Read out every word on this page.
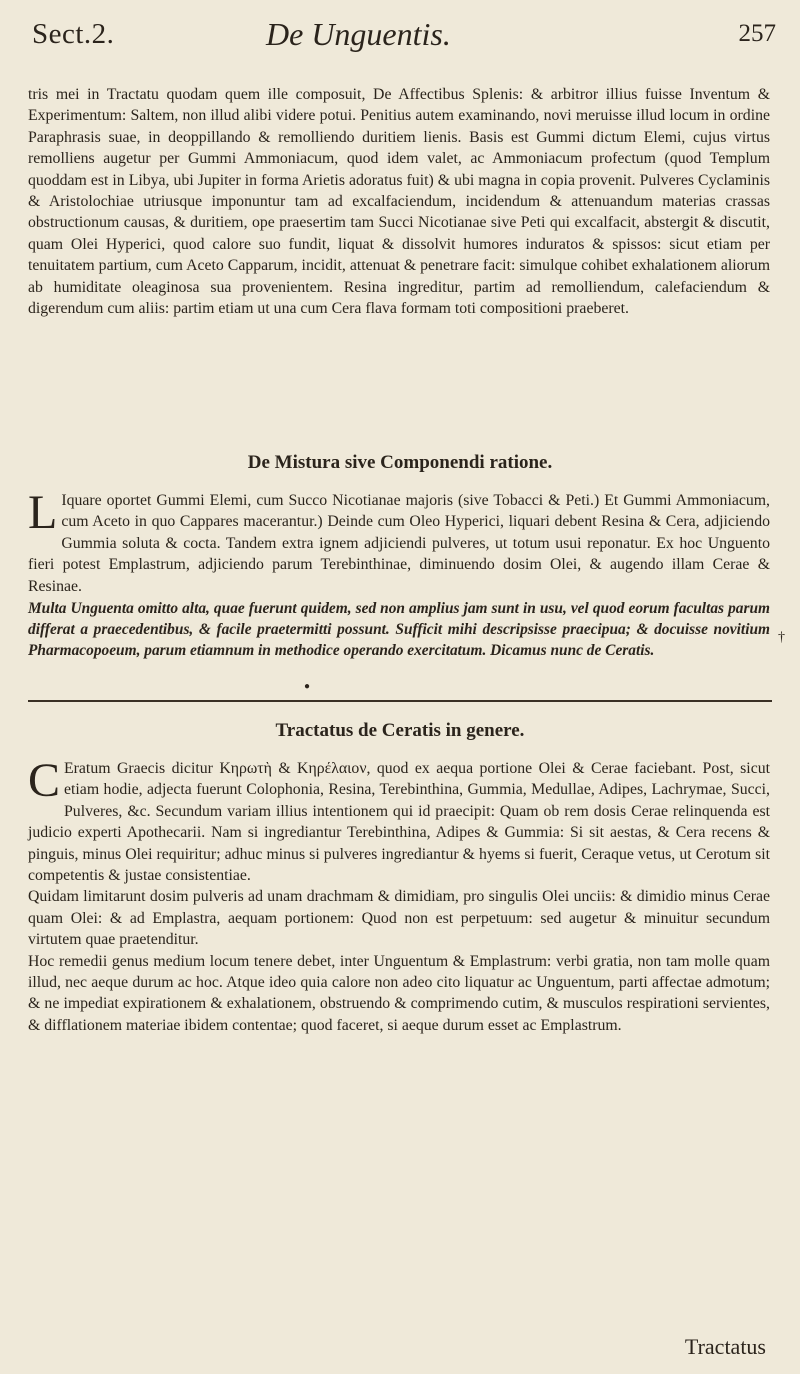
Sect.2.	De Unguentis.	257

tris mei in Tractatu quodam quem ille composuit, De Affectibus Splenis: & arbitror illius fuisse Inventum & Experimentum: Saltem, non illud alibi videre potui. Penitius autem examinando, novi meruisse illud locum in ordine Paraphrasis suae, in deoppillando & remolliendo duritiem lienis. Basis est Gummi dictum Elemi, cujus virtus remolliens augetur per Gummi Ammoniacum, quod idem valet, ac Ammoniacum profectum (quod Templum quoddam est in Libya, ubi Jupiter in forma Arietis adoratus fuit) & ubi magna in copia provenit. Pulveres Cyclaminis & Aristolochiae utriusque imponuntur tam ad excalfaciendum, incidendum & attenuandum materias crassas obstructionum causas, & duritiem, ope praesertim tam Succi Nicotianae sive Peti qui excalfacit, abstergit & discutit, quam Olei Hyperici, quod calore suo fundit, liquat & dissolvit humores induratos & spissos: sicut etiam per tenuitatem partium, cum Aceto Capparum, incidit, attenuat & penetrare facit: simulque cohibet exhalationem aliorum ab humiditate oleaginosa sua provenientem. Resina ingreditur, partim ad remolliendum, calefaciendum & digerendum cum aliis: partim etiam ut una cum Cera flava formam toti compositioni praeberet.

De Mistura sive Componendi ratione.
L Iquare oportet Gummi Elemi, cum Succo Nicotianae majoris (sive Tobacci & Peti.) Et Gummi Ammoniacum, cum Aceto in quo Cappares macerantur.) Deinde cum Oleo Hyperici, liquari debent Resina & Cera, adjiciendo Gummia soluta & cocta. Tandem extra ignem adjiciendi pulveres, ut totum usui reponatur. Ex hoc Unguento fieri potest Emplastrum, adjiciendo parum Terebinthinae, diminuendo dosim Olei, & augendo illam Cerae & Resinae.

Multa Unguenta omitto alta, quae fuerunt quidem, sed non amplius jam sunt in usu, vel quod eorum facultas parum differat a praecedentibus, & facile praetermitti possunt. Sufficit mihi descripsisse praecipua; & docuisse novitium Pharmacopoeum, parum etiamnum in methodice operando exercitatum. Dicamus nunc de Ceratis.

†
●
Tractatus de Ceratis in genere.

C Eratum Graecis dicitur Κηρωτὴ & Κηρέλαιον, quod ex aequa portione Olei & Cerae faciebant. Post, sicut etiam hodie, adjecta fuerunt Colophonia, Resina, Terebinthina, Gummia, Medullae, Adipes, Lachrymae, Succi, Pulveres, &c. Secundum variam illius intentionem qui id praecipit: Quam ob rem dosis Cerae relinquenda est judicio experti Apothecarii. Nam si ingrediantur Terebinthina, Adipes & Gummia: Si sit aestas, & Cera recens & pinguis, minus Olei requiritur; adhuc minus si pulveres ingrediantur & hyems si fuerit, Ceraque vetus, ut Cerotum sit competentis & justae consistentiae.

Quidam limitarunt dosim pulveris ad unam drachmam & dimidiam, pro singulis Olei unciis: & dimidio minus Cerae quam Olei: & ad Emplastra, aequam portionem: Quod non est perpetuum: sed augetur & minuitur secundum virtutem quae praetenditur.

Hoc remedii genus medium locum tenere debet, inter Unguentum & Emplastrum: verbi gratia, non tam molle quam illud, nec aeque durum ac hoc. Atque ideo quia calore non adeo cito liquatur ac Unguentum, parti affectae admotum; & ne impediat expirationem & exhalationem, obstruendo & comprimendo cutim, & musculos respirationi servientes, & difflationem materiae ibidem contentae; quod faceret, si aeque durum esset ac Emplastrum.

Tractatus
